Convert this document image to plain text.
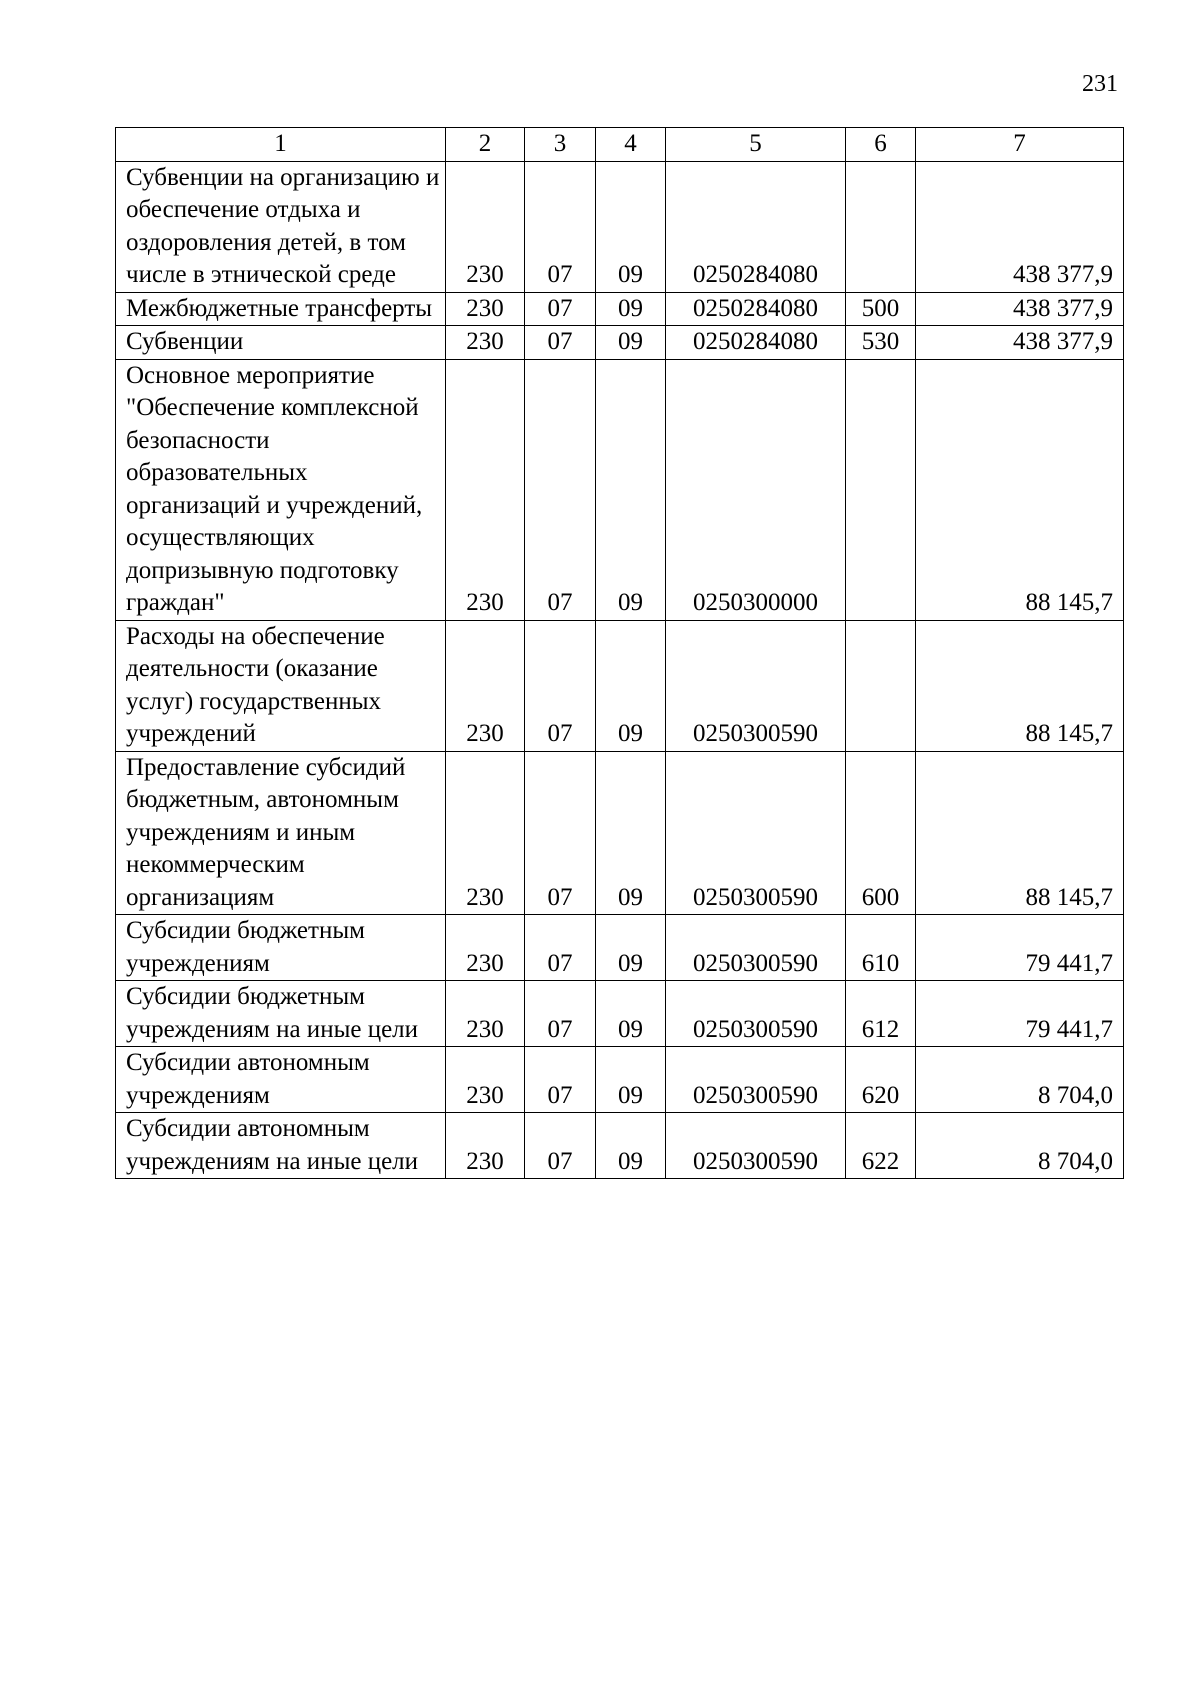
231
1	2	3	4	5	6	7
Субвенции на организацию и обеспечение отдыха и оздоровления детей, в том числе в этнической среде	230	07	09	0250284080		438 377,9
Межбюджетные трансферты	230	07	09	0250284080	500	438 377,9
Субвенции	230	07	09	0250284080	530	438 377,9
Основное мероприятие "Обеспечение комплексной безопасности образовательных организаций и учреждений, осуществляющих допризывную подготовку граждан"	230	07	09	0250300000		88 145,7
Расходы на обеспечение деятельности (оказание услуг) государственных учреждений	230	07	09	0250300590		88 145,7
Предоставление субсидий бюджетным, автономным учреждениям и иным некоммерческим организациям	230	07	09	0250300590	600	88 145,7
Субсидии бюджетным учреждениям	230	07	09	0250300590	610	79 441,7
Субсидии бюджетным учреждениям на иные цели	230	07	09	0250300590	612	79 441,7
Субсидии автономным учреждениям	230	07	09	0250300590	620	8 704,0
Субсидии автономным учреждениям на иные цели	230	07	09	0250300590	622	8 704,0
